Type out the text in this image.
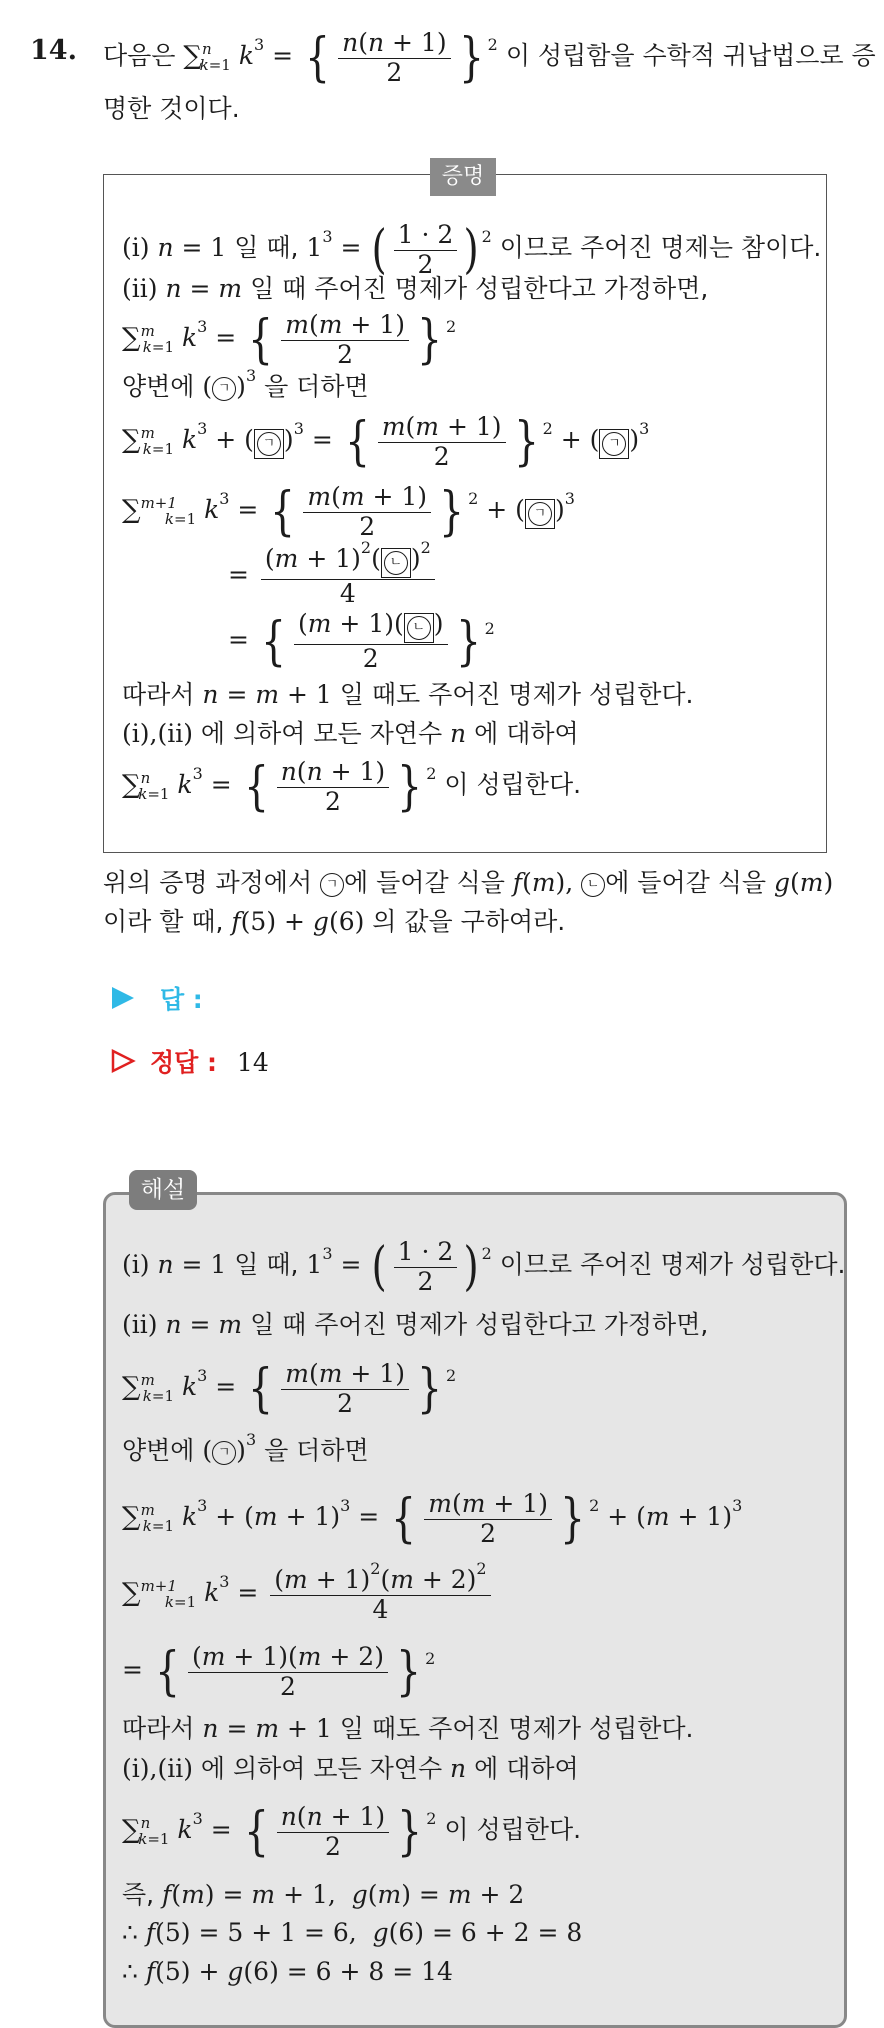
14. 다음은 ∑$^n_{k=1}$ $k^3$ = { $\frac{n(n + 1)}{2}$ } $^2$ 이 성립함을 수학적 귀납법으로 증
명한 것이다.
증명
(i) n = 1 일 때, $1^3$ = ( $\frac{1 \cdot 2}{2}$ ) $^2$ 이므로 주어진 명제는 참이다.
(ii) n = m 일 때 주어진 명제가 성립한다고 가정하면,
∑$^m_{k=1}$ $k^3$ = { $\frac{m(m + 1)}{2}$ } $^2$
양변에 ( ㄱ )$^3$ 을 더하면
∑$^m_{k=1}$ $k^3$ + ( ㄱ )$^3$ = { $\frac{m(m + 1)}{2}$ } $^2$ + ( ㄱ )$^3$
∑$^{m+1}_{k=1}$ $k^3$ = { $\frac{m(m + 1)}{2}$ } $^2$ + ( ㄱ )$^3$
= $\frac{(m + 1)^2( ㄴ )^2}{4}$
= { $\frac{\text{(m + 1)( ㄴ )}}{2}$ } $^2$
따라서 n = m + 1 일 때도 주어진 명제가 성립한다.
(i),(ii) 에 의하여 모든 자연수 n 에 대하여
∑$^n_{k=1}$ $k^3$ = { $\frac{n(n + 1)}{2}$ } $^2$ 이 성립한다.
위의 증명 과정에서 ㄱ 에 들어갈 식을 f(m), ㄴ 에 들어갈 식을 g(m)
이라 할 때, f(5) + g(6) 의 값을 구하여라.
답 :
정답 : 14
해설
(i) n = 1 일 때, $1^3$ = ( $\frac{1 \cdot 2}{2}$ ) $^2$ 이므로 주어진 명제가 성립한다.
(ii) n = m 일 때 주어진 명제가 성립한다고 가정하면,
∑$^m_{k=1}$ $k^3$ = { $\frac{m(m + 1)}{2}$ } $^2$
양변에 ( ㄱ )$^3$ 을 더하면
∑$^m_{k=1}$ $k^3 + (m + 1)^3$ = { $\frac{m(m + 1)}{2}$ } $^2 + (m + 1)^3$
∑$^{m+1}_{k=1}$ $k^3 = \frac{(m + 1)^2(m + 2)^2}{4}$
= { $\frac{(m + 1)(m + 2)}{2}$ } $^2$
따라서 n = m + 1 일 때도 주어진 명제가 성립한다.
(i),(ii) 에 의하여 모든 자연수 n 에 대하여
∑$^n_{k=1}$ $k^3$ = { $\frac{n(n + 1)}{2}$ } $^2$ 이 성립한다.
즉, f(m) = m + 1,  g(m) = m + 2
∴ f(5) = 5 + 1 = 6,  g(6) = 6 + 2 = 8
∴ f(5) + g(6) = 6 + 8 = 14
